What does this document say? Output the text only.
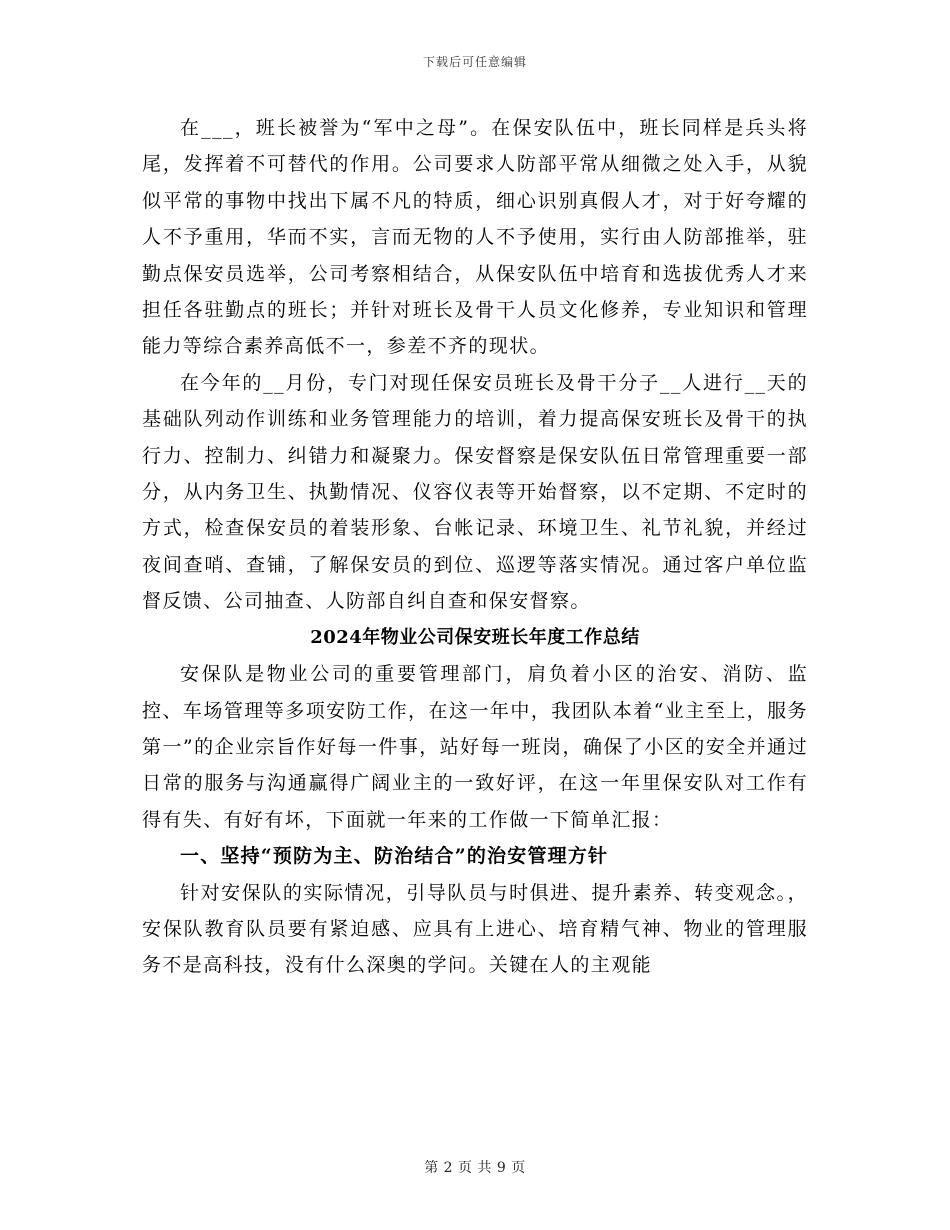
下载后可任意编辑

在___，班长被誉为“军中之母”。在保安队伍中，班长同样是兵头将尾，发挥着不可替代的作用。公司要求人防部平常从细微之处入手，从貌似平常的事物中找出下属不凡的特质，细心识别真假人才，对于好夸耀的人不予重用，华而不实，言而无物的人不予使用，实行由人防部推举，驻勤点保安员选举，公司考察相结合，从保安队伍中培育和选拔优秀人才来担任各驻勤点的班长；并针对班长及骨干人员文化修养，专业知识和管理能力等综合素养高低不一，参差不齐的现状。

在今年的__月份，专门对现任保安员班长及骨干分子__人进行__天的基础队列动作训练和业务管理能力的培训，着力提高保安班长及骨干的执行力、控制力、纠错力和凝聚力。保安督察是保安队伍日常管理重要一部分，从内务卫生、执勤情况、仪容仪表等开始督察，以不定期、不定时的方式，检查保安员的着装形象、台帐记录、环境卫生、礼节礼貌，并经过夜间查哨、查铺，了解保安员的到位、巡逻等落实情况。通过客户单位监督反馈、公司抽查、人防部自纠自查和保安督察。

2024年物业公司保安班长年度工作总结

安保队是物业公司的重要管理部门，肩负着小区的治安、消防、监控、车场管理等多项安防工作，在这一年中，我团队本着“业主至上，服务第一”的企业宗旨作好每一件事，站好每一班岗，确保了小区的安全并通过日常的服务与沟通赢得广阔业主的一致好评，在这一年里保安队对工作有得有失、有好有坏，下面就一年来的工作做一下简单汇报：

一、坚持“预防为主、防治结合”的治安管理方针

针对安保队的实际情况，引导队员与时俱进、提升素养、转变观念。，安保队教育队员要有紧迫感、应具有上进心、培育精气神、物业的管理服务不是高科技，没有什么深奥的学问。关键在人的主观能

第 2 页 共 9 页
